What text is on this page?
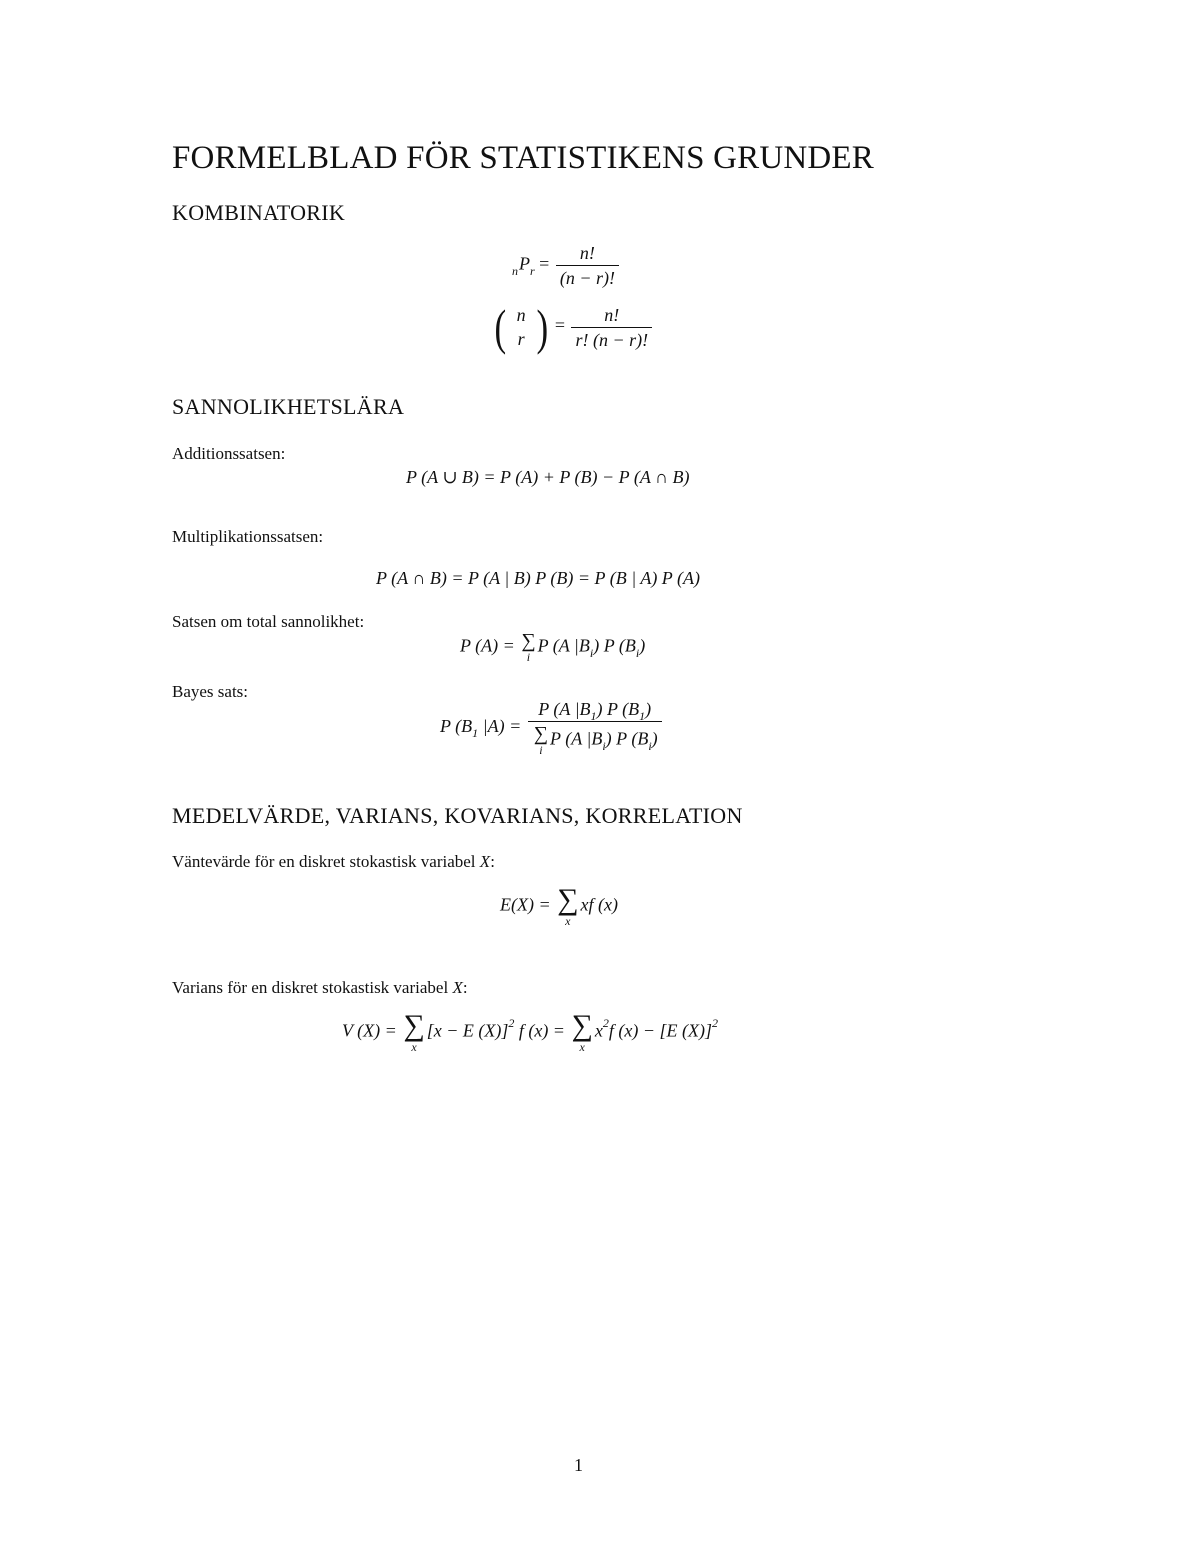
FORMELBLAD FÖR STATISTIKENS GRUNDER
KOMBINATORIK
$_nP_r = \frac{n!}{(n - r)!}$
( n
r ) = $\frac{n!}{r! (n - r)!}$
SANNOLIKHETSLÄRA
Additionssatsen:
P (A ∪ B) = P (A) + P (B) − P (A ∩ B)
Multiplikationssatsen:
P (A ∩ B) = P (A | B) P (B) = P (B | A) P (A)
Satsen om total sannolikhet:
P (A) = ∑
i
P (A $|B_i$) P $(B_i)$
Bayes sats:
P ($B_1$ |A) = P (A $|B_1$) P $(B_1)$
∑
i
P (A $|B_i$) P $(B_i)$
MEDELVÄRDE, VARIANS, KOVARIANS, KORRELATION
Väntevärde för en diskret stokastisk variabel X:
E(X) = ∑
x
xf (x)
Varians för en diskret stokastisk variabel X:
V (X) = ∑
x
[x − E (X)]$^2$ f (x) = ∑
x
$x^2f$ (x) − [E (X)]$^2$
1
